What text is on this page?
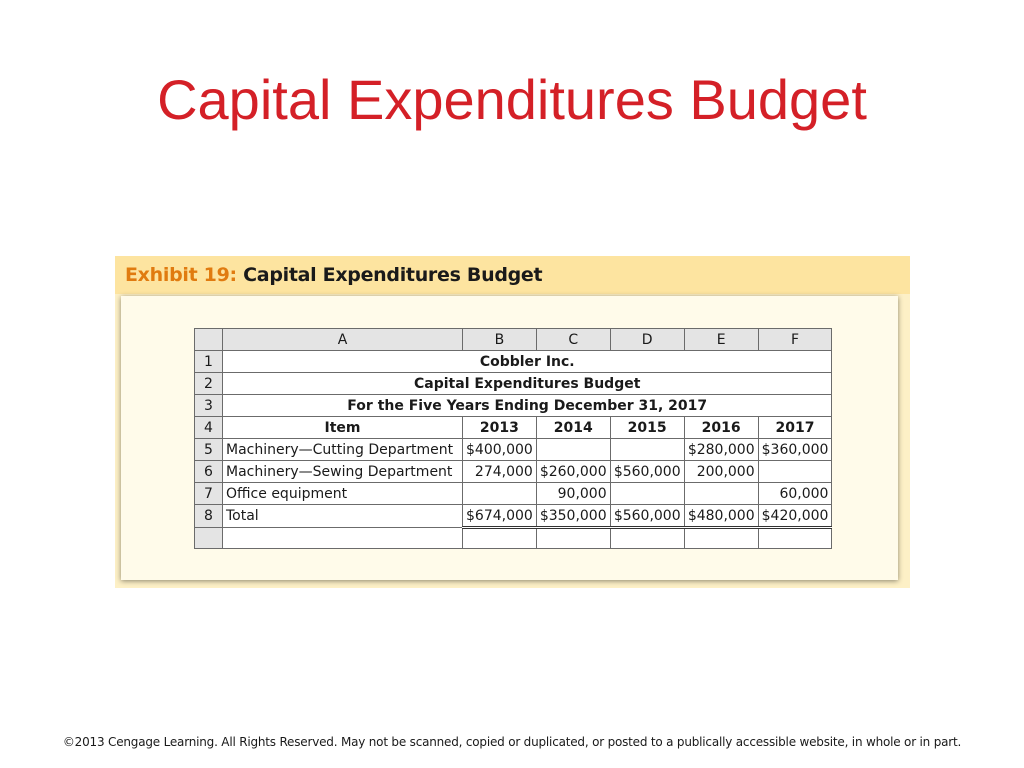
Capital Expenditures Budget
Exhibit 19: Capital Expenditures Budget
	A	B	C	D	E	F
1	Cobbler Inc.					
2	Capital Expenditures Budget					
3	For the Five Years Ending December 31, 2017					
4	Item	2013	2014	2015	2016	2017
5	Machinery—Cutting Department	$400,000			$280,000	$360,000
6	Machinery—Sewing Department	274,000	$260,000	$560,000	200,000	
7	Office equipment		90,000			60,000
8	Total	$674,000	$350,000	$560,000	$480,000	$420,000

©2013 Cengage Learning. All Rights Reserved. May not be scanned, copied or duplicated, or posted to a publically accessible website, in whole or in part.
